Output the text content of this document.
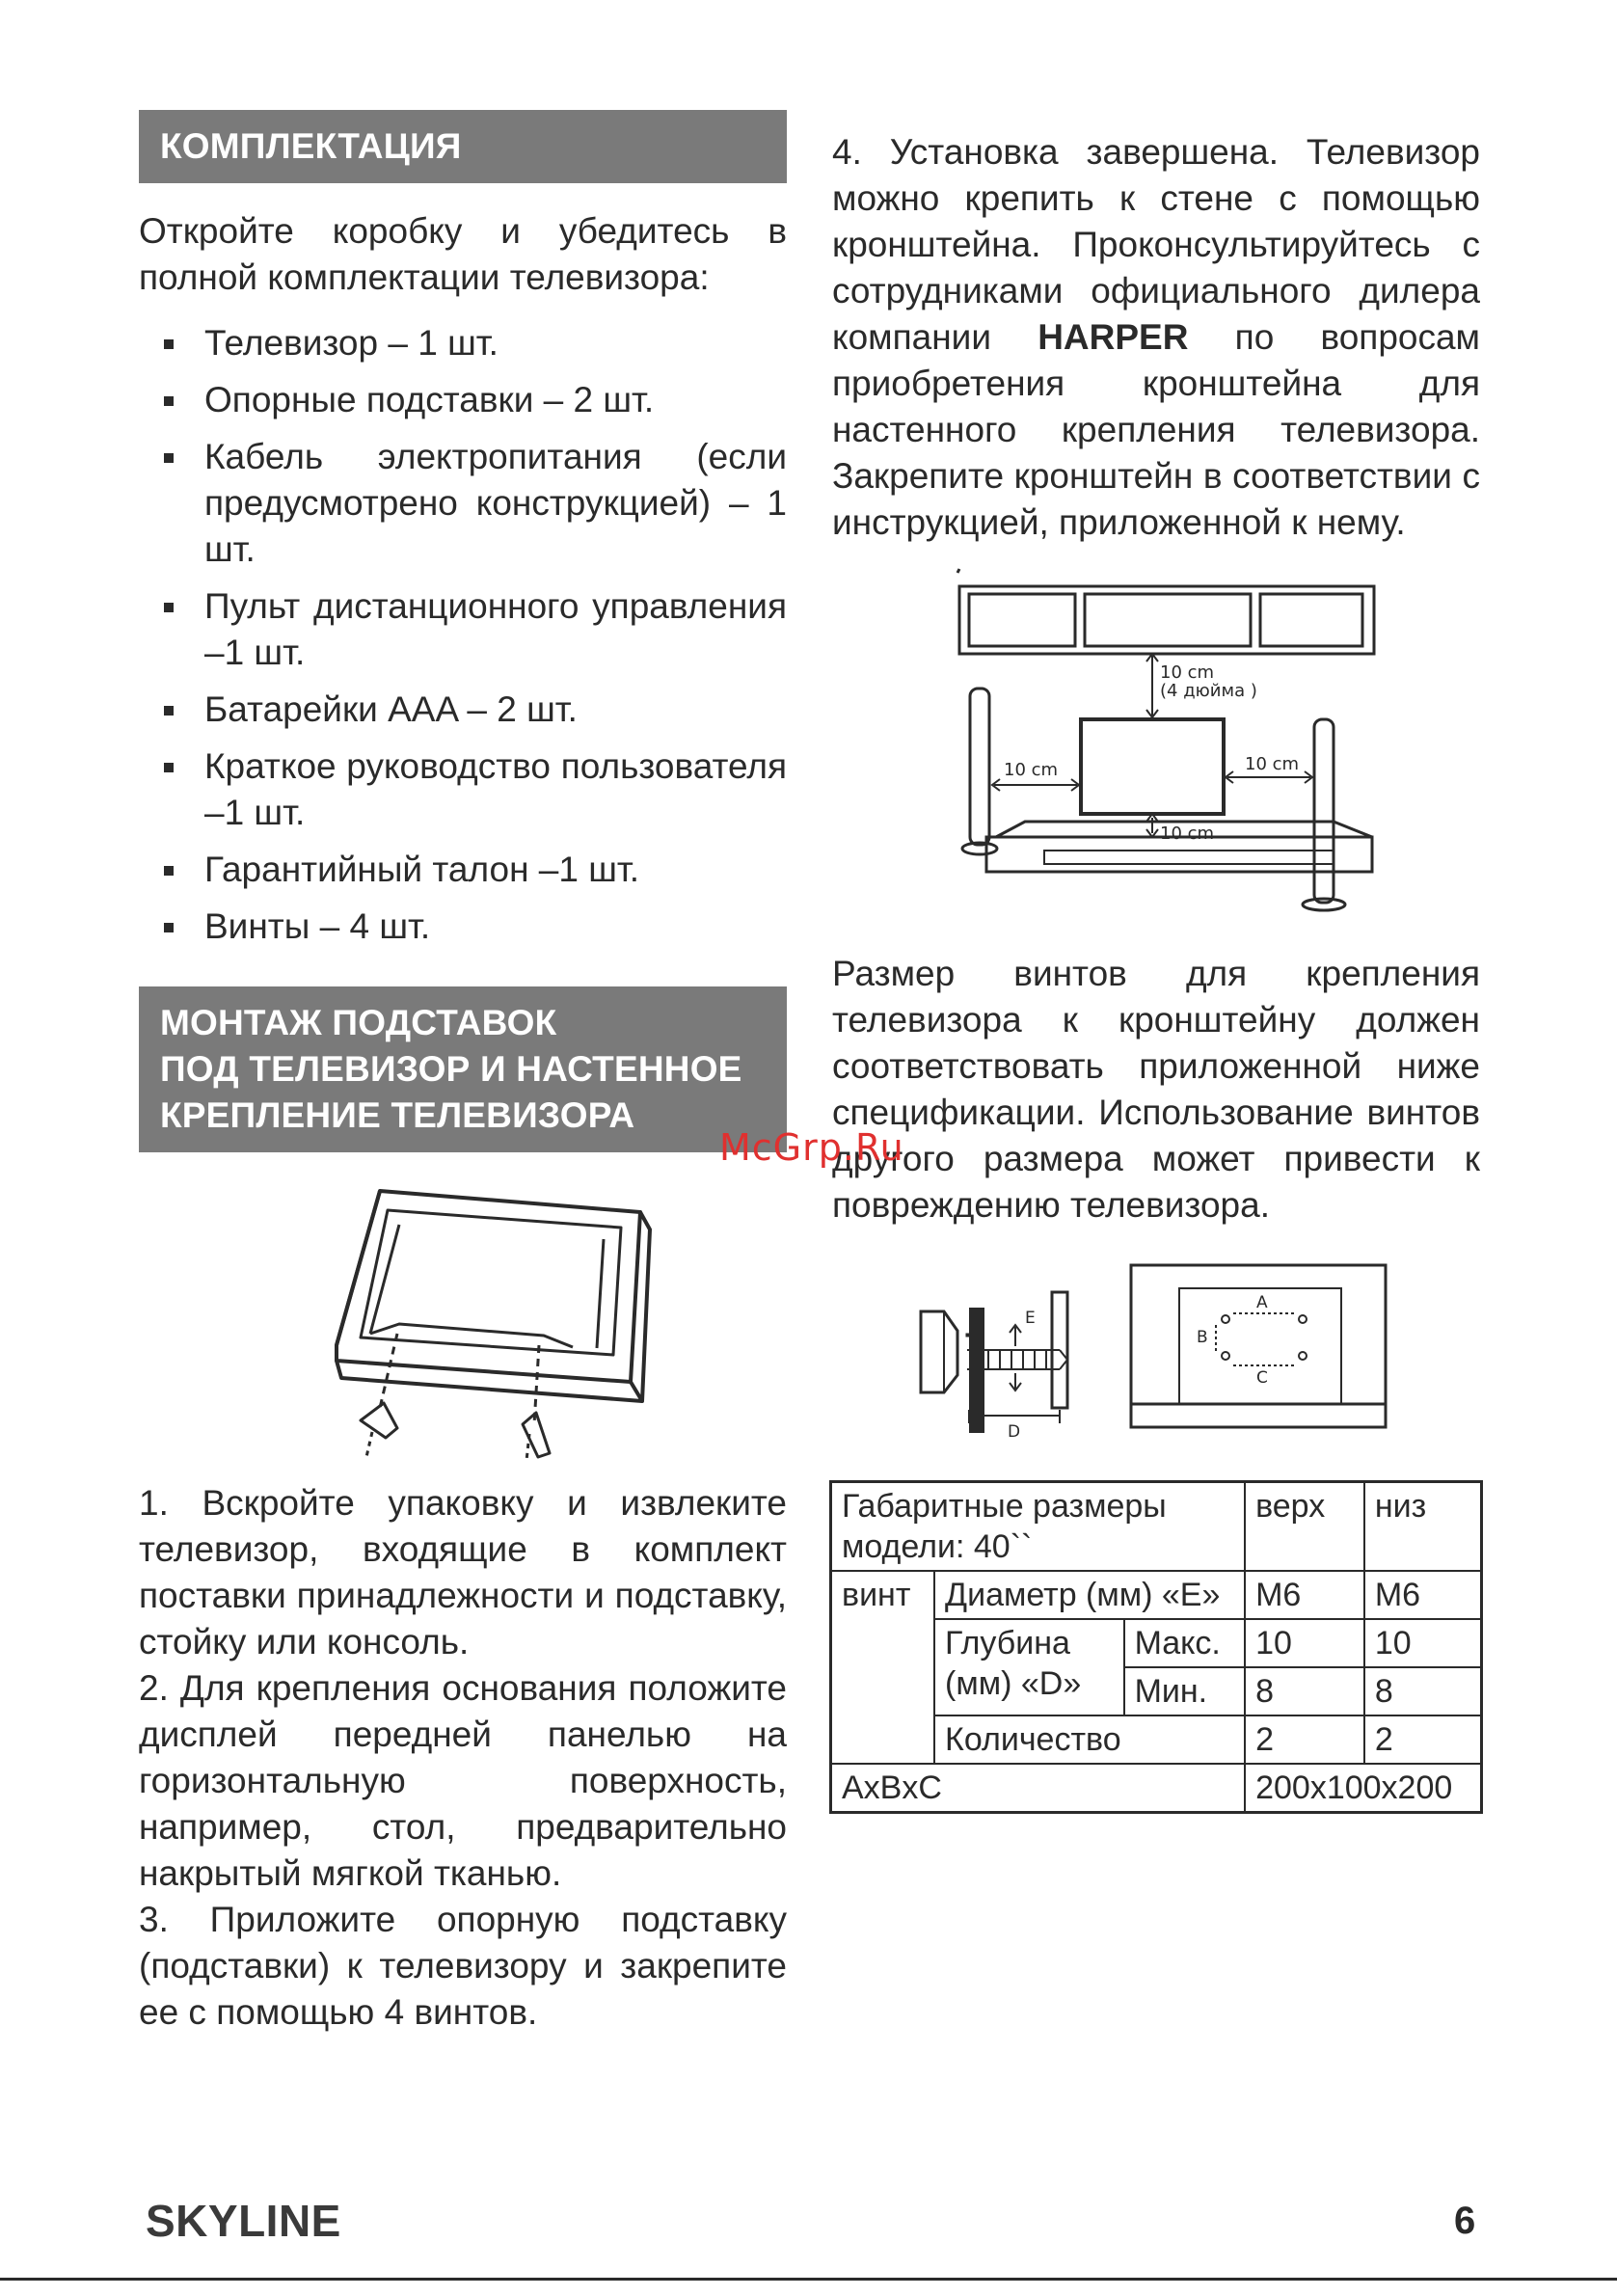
КОМПЛЕКТАЦИЯ

Откройте коробку и убедитесь в полной комплектации телевизора:

Телевизор – 1 шт.
Опорные подставки – 2 шт.
Кабель электропитания (если предусмотрено конструкцией) – 1 шт.
Пульт дистанционного управления –1 шт.
Батарейки AAA – 2 шт.
Краткое руководство пользователя –1 шт.
Гарантийный талон –1 шт.
Винты – 4 шт.
МОНТАЖ ПОДСТАВОК
ПОД ТЕЛЕВИЗОР И НАСТЕННОЕ
КРЕПЛЕНИЕ ТЕЛЕВИЗОРА

1. Вскройте упаковку и извлеките телевизор, входящие в комплект поставки принадлежности и подставку, стойку или консоль.

2. Для крепления основания положите дисплей передней панелью на горизонтальную поверхность, например, стол, предварительно накрытый мягкой тканью.

3. Приложите опорную подставку (подставки) к телевизору и закрепите ее с помощью 4 винтов.

4. Установка завершена. Телевизор можно крепить к стене с помощью кронштейна. Проконсультируйтесь с сотрудниками официального дилера компании HARPER по вопросам приобретения кронштейна для настенного крепления телевизора. Закрепите кронштейн в соответствии с инструкцией, приложенной к нему.

10 cm
(4 дюйма )
10 cm	10 cm
10 cm

Размер винтов для крепления телевизора к кронштейну должен соответствовать приложенной ниже спецификации. Использование винтов другого размера может привести к повреждению телевизора.

E
D
A
B
C
Габаритные размеры модели: 40``			верх	низ
винт	Диаметр (мм) «E»		M6	M6
	Глубина (мм) «D»	Макс.	10	10
		Мин.	8	8
	Количество		2	2
AxBxC			200x100x200	
McGrp.Ru
SKYLINE	6
